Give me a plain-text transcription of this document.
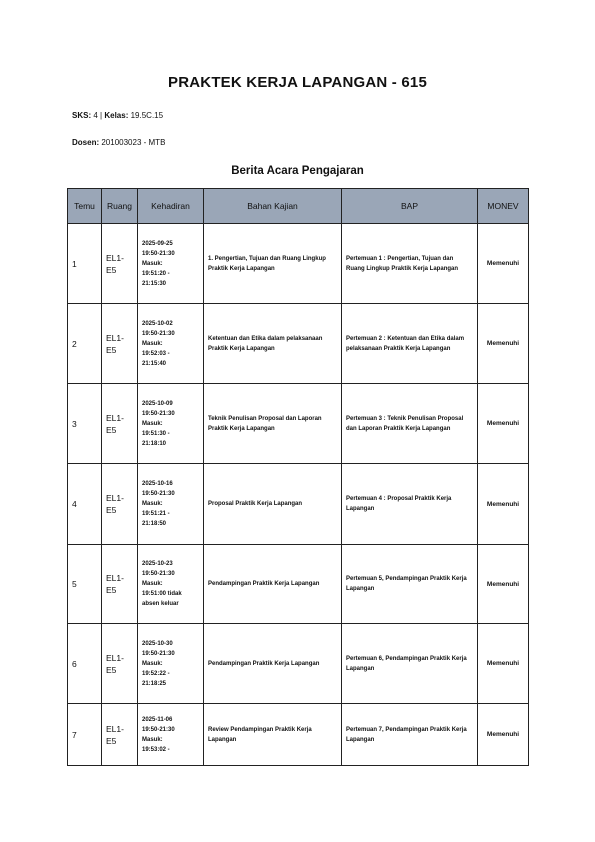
PRAKTEK KERJA LAPANGAN - 615
SKS: 4 | Kelas: 19.5C.15
Dosen: 201003023 - MTB
Berita Acara Pengajaran
Temu	Ruang	Kehadiran	Bahan Kajian	BAP	MONEV
1	EL1-E5	2025-09-25
19:50-21:30
Masuk:
19:51:20 -
21:15:30	1. Pengertian, Tujuan dan Ruang Lingkup Praktik Kerja Lapangan	Pertemuan 1 : Pengertian, Tujuan dan Ruang Lingkup Praktik Kerja Lapangan	Memenuhi
2	EL1-E5	2025-10-02
19:50-21:30
Masuk:
19:52:03 -
21:15:40	Ketentuan dan Etika dalam pelaksanaan Praktik Kerja Lapangan	Pertemuan 2 : Ketentuan dan Etika dalam pelaksanaan Praktik Kerja Lapangan	Memenuhi
3	EL1-E5	2025-10-09
19:50-21:30
Masuk:
19:51:30 -
21:18:10	Teknik Penulisan Proposal dan Laporan Praktik Kerja Lapangan	Pertemuan 3 : Teknik Penulisan Proposal dan Laporan Praktik Kerja Lapangan	Memenuhi
4	EL1-E5	2025-10-16
19:50-21:30
Masuk:
19:51:21 -
21:18:50	Proposal Praktik Kerja Lapangan	Pertemuan 4 : Proposal Praktik Kerja Lapangan	Memenuhi
5	EL1-E5	2025-10-23
19:50-21:30
Masuk:
19:51:00 tidak
absen keluar	Pendampingan Praktik Kerja Lapangan	Pertemuan 5, Pendampingan Praktik Kerja Lapangan	Memenuhi
6	EL1-E5	2025-10-30
19:50-21:30
Masuk:
19:52:22 -
21:18:25	Pendampingan Praktik Kerja Lapangan	Pertemuan 6, Pendampingan Praktik Kerja Lapangan	Memenuhi
7	EL1-E5	2025-11-06
19:50-21:30
Masuk:
19:53:02 -	Review Pendampingan Praktik Kerja Lapangan	Pertemuan 7, Pendampingan Praktik Kerja Lapangan	Memenuhi
